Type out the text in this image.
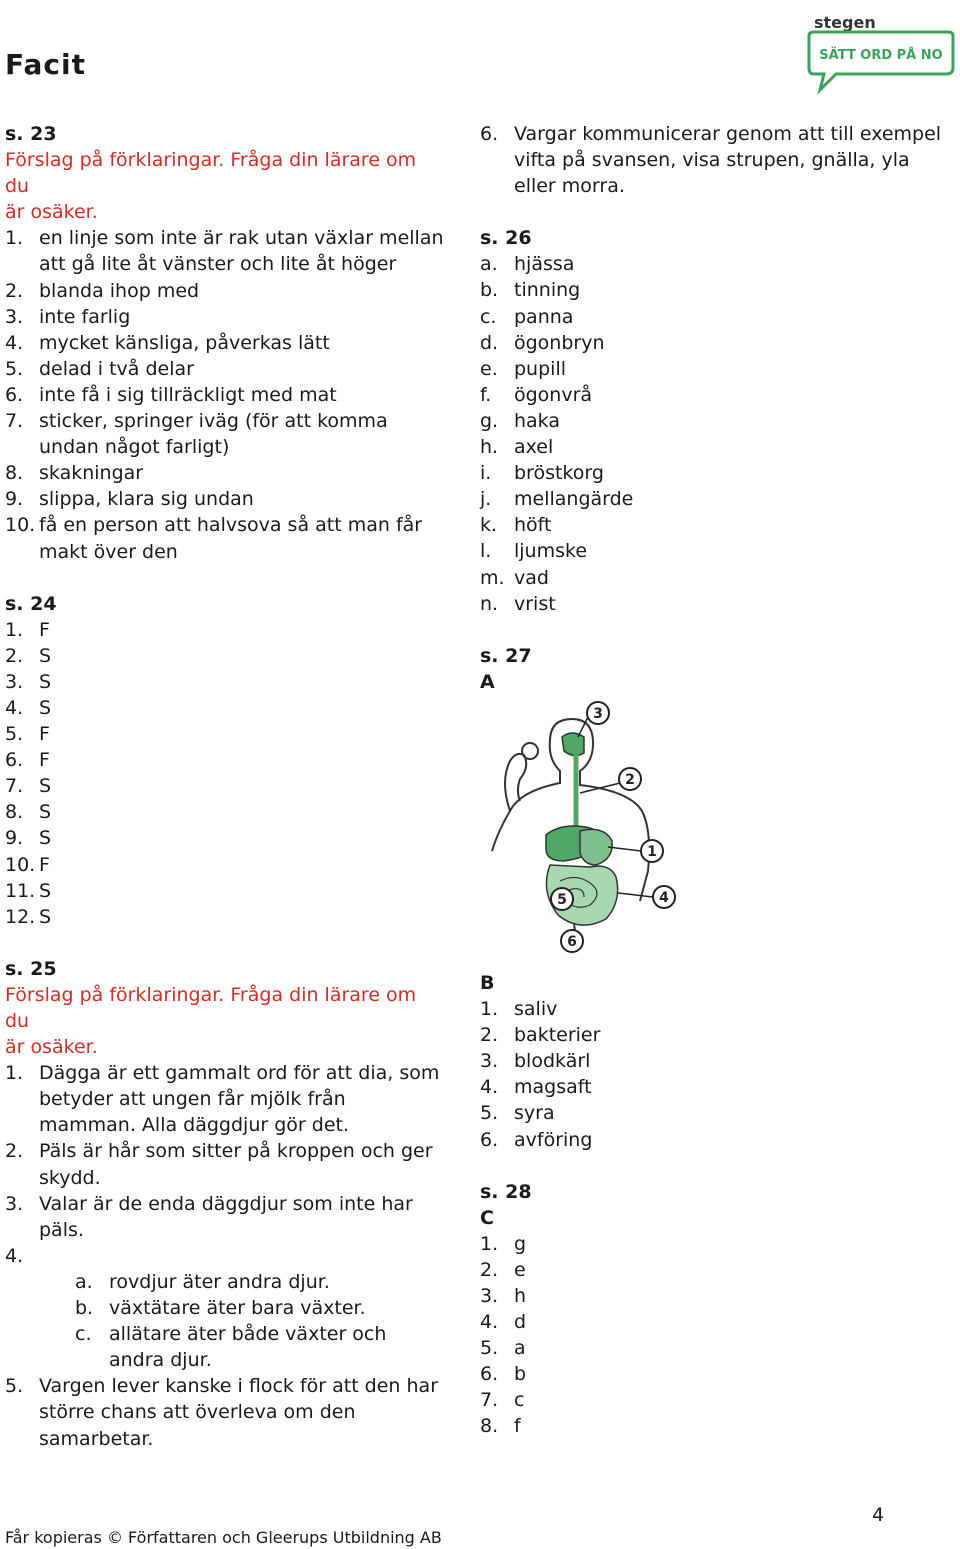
Facit
stegen
SÄTT ORD PÅ NO
s. 23
Förslag på förklaringar. Fråga din lärare om du
är osäker.
1. en linje som inte är rak utan växlar mellan att gå lite åt vänster och lite åt höger
2. blanda ihop med
3. inte farlig
4. mycket känsliga, påverkas lätt
5. delad i två delar
6. inte få i sig tillräckligt med mat
7. sticker, springer iväg (för att komma undan något farligt)
8. skakningar
9. slippa, klara sig undan
10. få en person att halvsova så att man får makt över den
s. 24
1. F
2. S
3. S
4. S
5. F
6. F
7. S
8. S
9. S
10. F
11. S
12. S
s. 25
Förslag på förklaringar. Fråga din lärare om du
är osäker.
1. Dägga är ett gammalt ord för att dia, som betyder att ungen får mjölk från mamman. Alla däggdjur gör det.
2. Päls är hår som sitter på kroppen och ger skydd.
3. Valar är de enda däggdjur som inte har päls.
4.
a. rovdjur äter andra djur.
b. växtätare äter bara växter.
c. allätare äter både växter och andra djur.
5. Vargen lever kanske i flock för att den har större chans att överleva om den samarbetar.
6. Vargar kommunicerar genom att till exempel vifta på svansen, visa strupen, gnälla, yla eller morra.
s. 26
a. hjässa
b. tinning
c. panna
d. ögonbryn
e. pupill
f.	ögonvrå
g. haka
h. axel
i.	bröstkorg
j.	mellangärde
k. höft
l.	ljumske
m. vad
n. vrist
s. 27
A
1
2
3
4
5
6
B
1. saliv
2. bakterier
3. blodkärl
4. magsaft
5. syra
6. avföring
s. 28
C
1. g
2. e
3. h
4. d
5. a
6. b
7. c
8. f
4
Får kopieras © Författaren och Gleerups Utbildning AB
